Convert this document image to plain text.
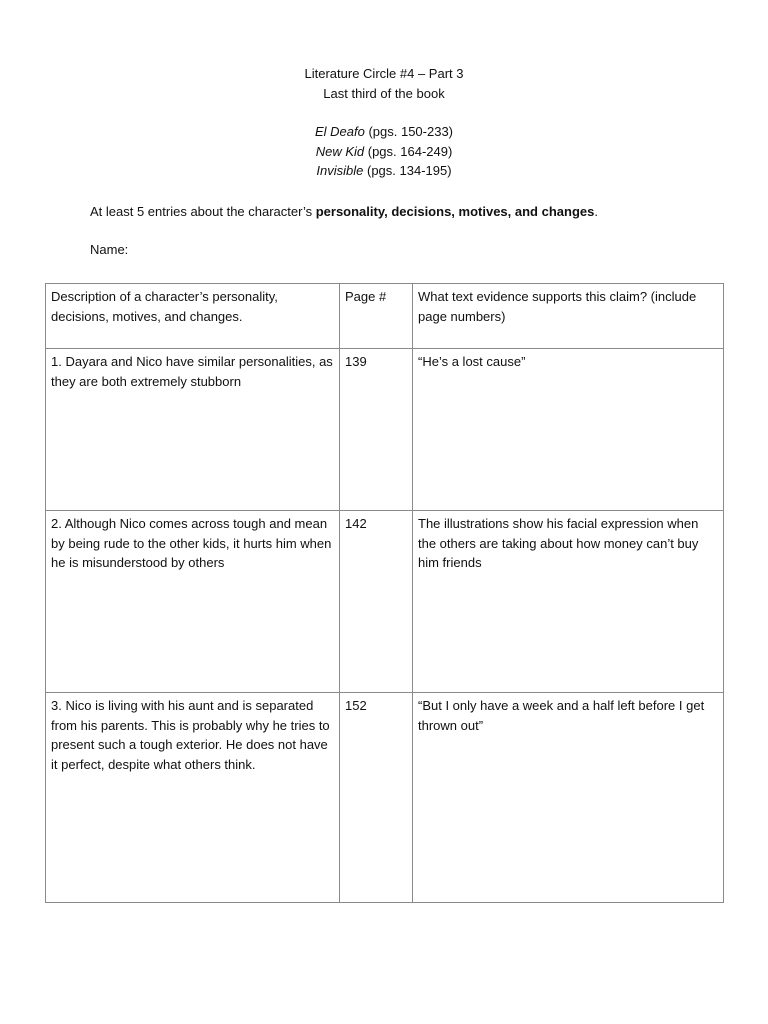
Literature Circle #4 – Part 3
Last third of the book
El Deafo (pgs. 150-233)
New Kid (pgs. 164-249)
Invisible (pgs. 134-195)
At least 5 entries about the character’s personality, decisions, motives, and changes.
Name:
Description of a character’s personality, decisions, motives, and changes.	Page #	What text evidence supports this claim? (include page numbers)
1. Dayara and Nico have similar personalities, as they are both extremely stubborn	139	“He’s a lost cause”
2. Although Nico comes across tough and mean by being rude to the other kids, it hurts him when he is misunderstood by others	142	The illustrations show his facial expression when the others are taking about how money can’t buy him friends
3. Nico is living with his aunt and is separated from his parents. This is probably why he tries to present such a tough exterior. He does not have it perfect, despite what others think.	152	“But I only have a week and a half left before I get thrown out”
